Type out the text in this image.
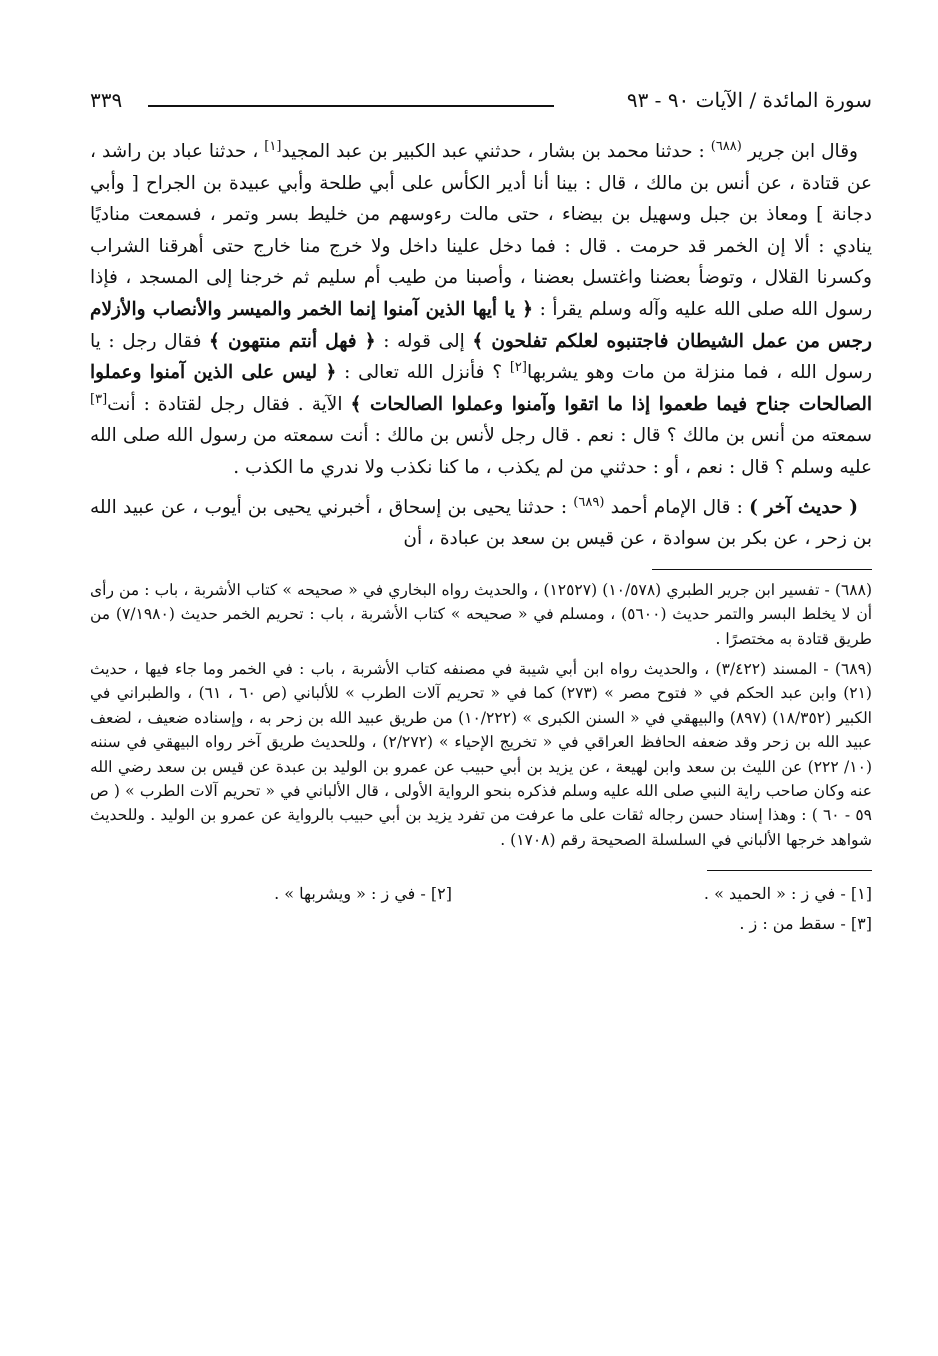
سورة المائدة / الآيات ٩٠ - ٩٣
٣٣٩

وقال ابن جرير $^{(٦٨٨)}$ : حدثنا محمد بن بشار ، حدثني عبد الكبير بن عبد المجيد[١] ، حدثنا عباد بن راشد ، عن قتادة ، عن أنس بن مالك ، قال : بينا أنا أدير الكأس على أبي طلحة وأبي عبيدة بن الجراح [ وأبي دجانة ] ومعاذ بن جبل وسهيل بن بيضاء ، حتى مالت رءوسهم من خليط بسر وتمر ، فسمعت مناديًا ينادي : ألا إن الخمر قد حرمت . قال : فما دخل علينا داخل ولا خرج منا خارج حتى أهرقنا الشراب وكسرنا القلال ، وتوضأ بعضنا واغتسل بعضنا ، وأصبنا من طيب أم سليم ثم خرجنا إلى المسجد ، فإذا رسول الله صلى الله عليه وآله وسلم يقرأ : ﴿ يا أيها الذين آمنوا إنما الخمر والميسر والأنصاب والأزلام رجس من عمل الشيطان فاجتنبوه لعلكم تفلحون ﴾ إلى قوله : ﴿ فهل أنتم منتهون ﴾ فقال رجل : يا رسول الله ، فما منزلة من مات وهو يشربها[٢] ؟ فأنزل الله تعالى : ﴿ ليس على الذين آمنوا وعملوا الصالحات جناح فيما طعموا إذا ما اتقوا وآمنوا وعملوا الصالحات ﴾ الآية . فقال رجل لقتادة : أنت[٣] سمعته من أنس بن مالك ؟ قال : نعم . قال رجل لأنس بن مالك : أنت سمعته من رسول الله صلى الله عليه وسلم ؟ قال : نعم ، أو : حدثني من لم يكذب ، ما كنا نكذب ولا ندري ما الكذب .

( حديث آخر ) : قال الإمام أحمد $^{(٦٨٩)}$ : حدثنا يحيى بن إسحاق ، أخبرني يحيى بن أيوب ، عن عبيد الله بن زحر ، عن بكر بن سوادة ، عن قيس بن سعد بن عبادة ، أن

(٦٨٨) - تفسير ابن جرير الطبري (١٠/٥٧٨) (١٢٥٢٧) ، والحديث رواه البخاري في « صحيحه » كتاب الأشربة ، باب : من رأى أن لا يخلط البسر والتمر حديث (٥٦٠٠) ، ومسلم في « صحيحه » كتاب الأشربة ، باب : تحريم الخمر حديث (٧/١٩٨٠) من طريق قتادة به مختصرًا .

(٦٨٩) - المسند (٣/٤٢٢) ، والحديث رواه ابن أبي شيبة في مصنفه كتاب الأشربة ، باب : في الخمر وما جاء فيها ، حديث (٢١) وابن عبد الحكم في « فتوح مصر » (٢٧٣) كما في « تحريم آلات الطرب » للألباني (ص ٦٠ ، ٦١) ، والطبراني في الكبير (١٨/٣٥٢) (٨٩٧) والبيهقي في « السنن الكبرى » (١٠/٢٢٢) من طريق عبيد الله بن زحر به ، وإسناده ضعيف ، لضعف عبيد الله بن زحر وقد ضعفه الحافظ العراقي في « تخريج الإحياء » (٢/٢٧٢) ، وللحديث طريق آخر رواه البيهقي في سننه (١٠/ ٢٢٢) عن الليث بن سعد وابن لهيعة ، عن يزيد بن أبي حبيب عن عمرو بن الوليد بن عبدة عن قيس بن سعد رضي الله عنه وكان صاحب راية النبي صلى الله عليه وسلم فذكره بنحو الرواية الأولى ، قال الألباني في « تحريم آلات الطرب » ( ص ٥٩ - ٦٠ ) : وهذا إسناد حسن رجاله ثقات على ما عرفت من تفرد يزيد بن أبي حبيب بالرواية عن عمرو بن الوليد . وللحديث شواهد خرجها الألباني في السلسلة الصحيحة رقم (١٧٠٨) .

[١] - في ز : « الحميد » .
[٢] - في ز : « ويشربها » .
[٣] - سقط من : ز .
